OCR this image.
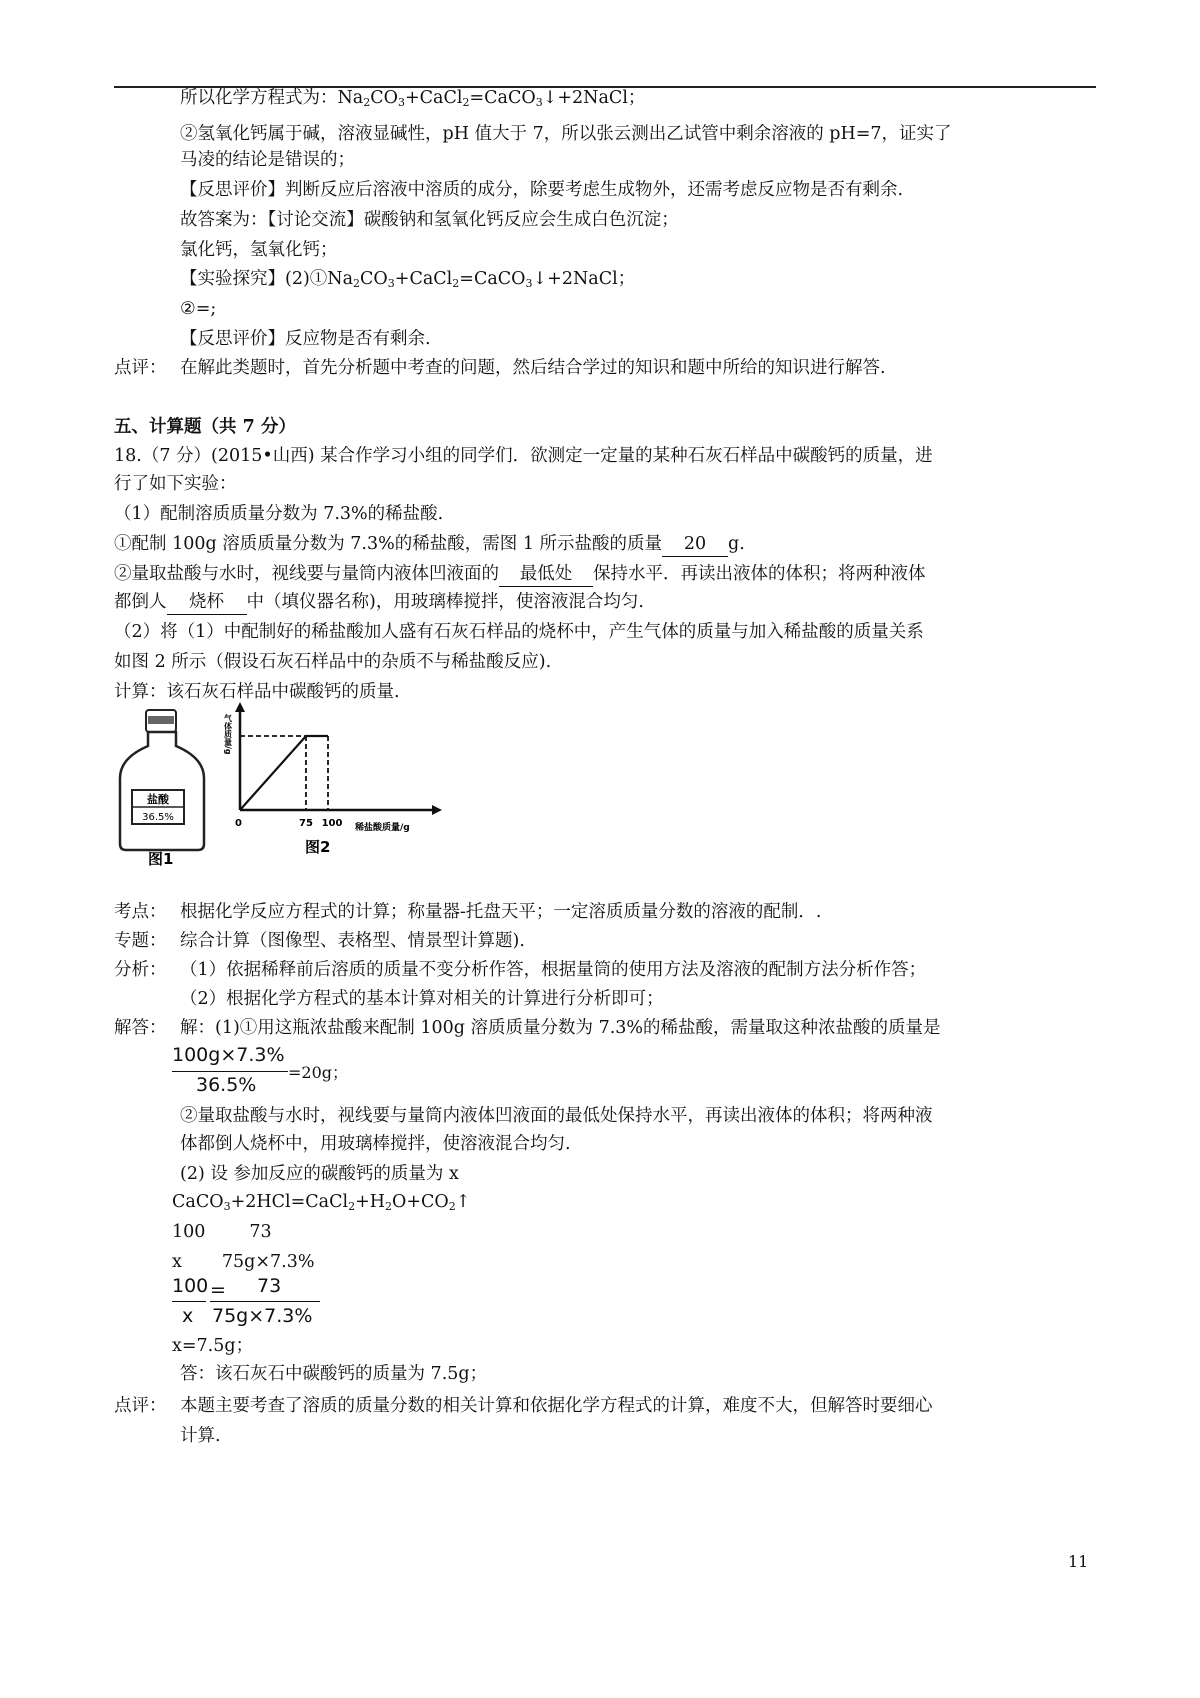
所以化学方程式为：$Na_2CO_3+CaCl_2=CaCO_3↓+2NaCl$；
②氢氧化钙属于碱，溶液显碱性，pH 值大于 7，所以张云测出乙试管中剩余溶液的 pH=7，证实了
马凌的结论是错误的；
【反思评价】判断反应后溶液中溶质的成分，除要考虑生成物外，还需考虑反应物是否有剩余.
故答案为：【讨论交流】碳酸钠和氢氧化钙反应会生成白色沉淀；
氯化钙，氢氧化钙；
【实验探究】$(2)①Na_2CO_3+CaCl_2=CaCO_3↓+2NaCl$；
②=;
【反思评价】反应物是否有剩余.
点评： 在解此类题时，首先分析题中考查的问题，然后结合学过的知识和题中所给的知识进行解答.
五、计算题（共 7 分）
18.（7 分）(2015•山西) 某合作学习小组的同学们．欲测定一定量的某种石灰石样品中碳酸钙的质量，进
行了如下实验：
（1）配制溶质质量分数为 7.3%的稀盐酸.
①配制 100g 溶质质量分数为 7.3%的稀盐酸，需图 1 所示盐酸的质量 20 g.
②量取盐酸与水时，视线要与量筒内液体凹液面的 最低处 保持水平．再读出液体的体积；将两种液体
都倒人 烧杯 中（填仪器名称)，用玻璃棒搅拌，使溶液混合均匀.
（2）将（1）中配制好的稀盐酸加人盛有石灰石样品的烧杯中，产生气体的质量与加入稀盐酸的质量关系
如图 2 所示（假设石灰石样品中的杂质不与稀盐酸反应).
计算：该石灰石样品中碳酸钙的质量.
盐酸
36.5%
图1
气体质量/g
0	75 100 稀盐酸质量/g
图2
考点： 根据化学反应方程式的计算；称量器-托盘天平；一定溶质质量分数的溶液的配制．.
专题： 综合计算（图像型、表格型、情景型计算题).
分析： （1）依据稀释前后溶质的质量不变分析作答，根据量筒的使用方法及溶液的配制方法分析作答；
（2）根据化学方程式的基本计算对相关的计算进行分析即可；
解答： 解：(1)①用这瓶浓盐酸来配制 100g 溶质质量分数为 7.3%的稀盐酸，需量取这种浓盐酸的质量是
100g×7.3%
36.5%
=20g；
②量取盐酸与水时，视线要与量筒内液体凹液面的最低处保持水平，再读出液体的体积；将两种液
体都倒人烧杯中，用玻璃棒搅拌，使溶液混合均匀.
(2) 设 参加反应的碳酸钙的质量为 x
$CaCO_3+2HCl=CaCl_2+H_2O+CO_2↑$
100	73
x 75g×7.3%
100 = 73
x 75g×7.3%
x=7.5g；
答：该石灰石中碳酸钙的质量为 7.5g；
点评： 本题主要考查了溶质的质量分数的相关计算和依据化学方程式的计算，难度不大，但解答时要细心
计算.
11
